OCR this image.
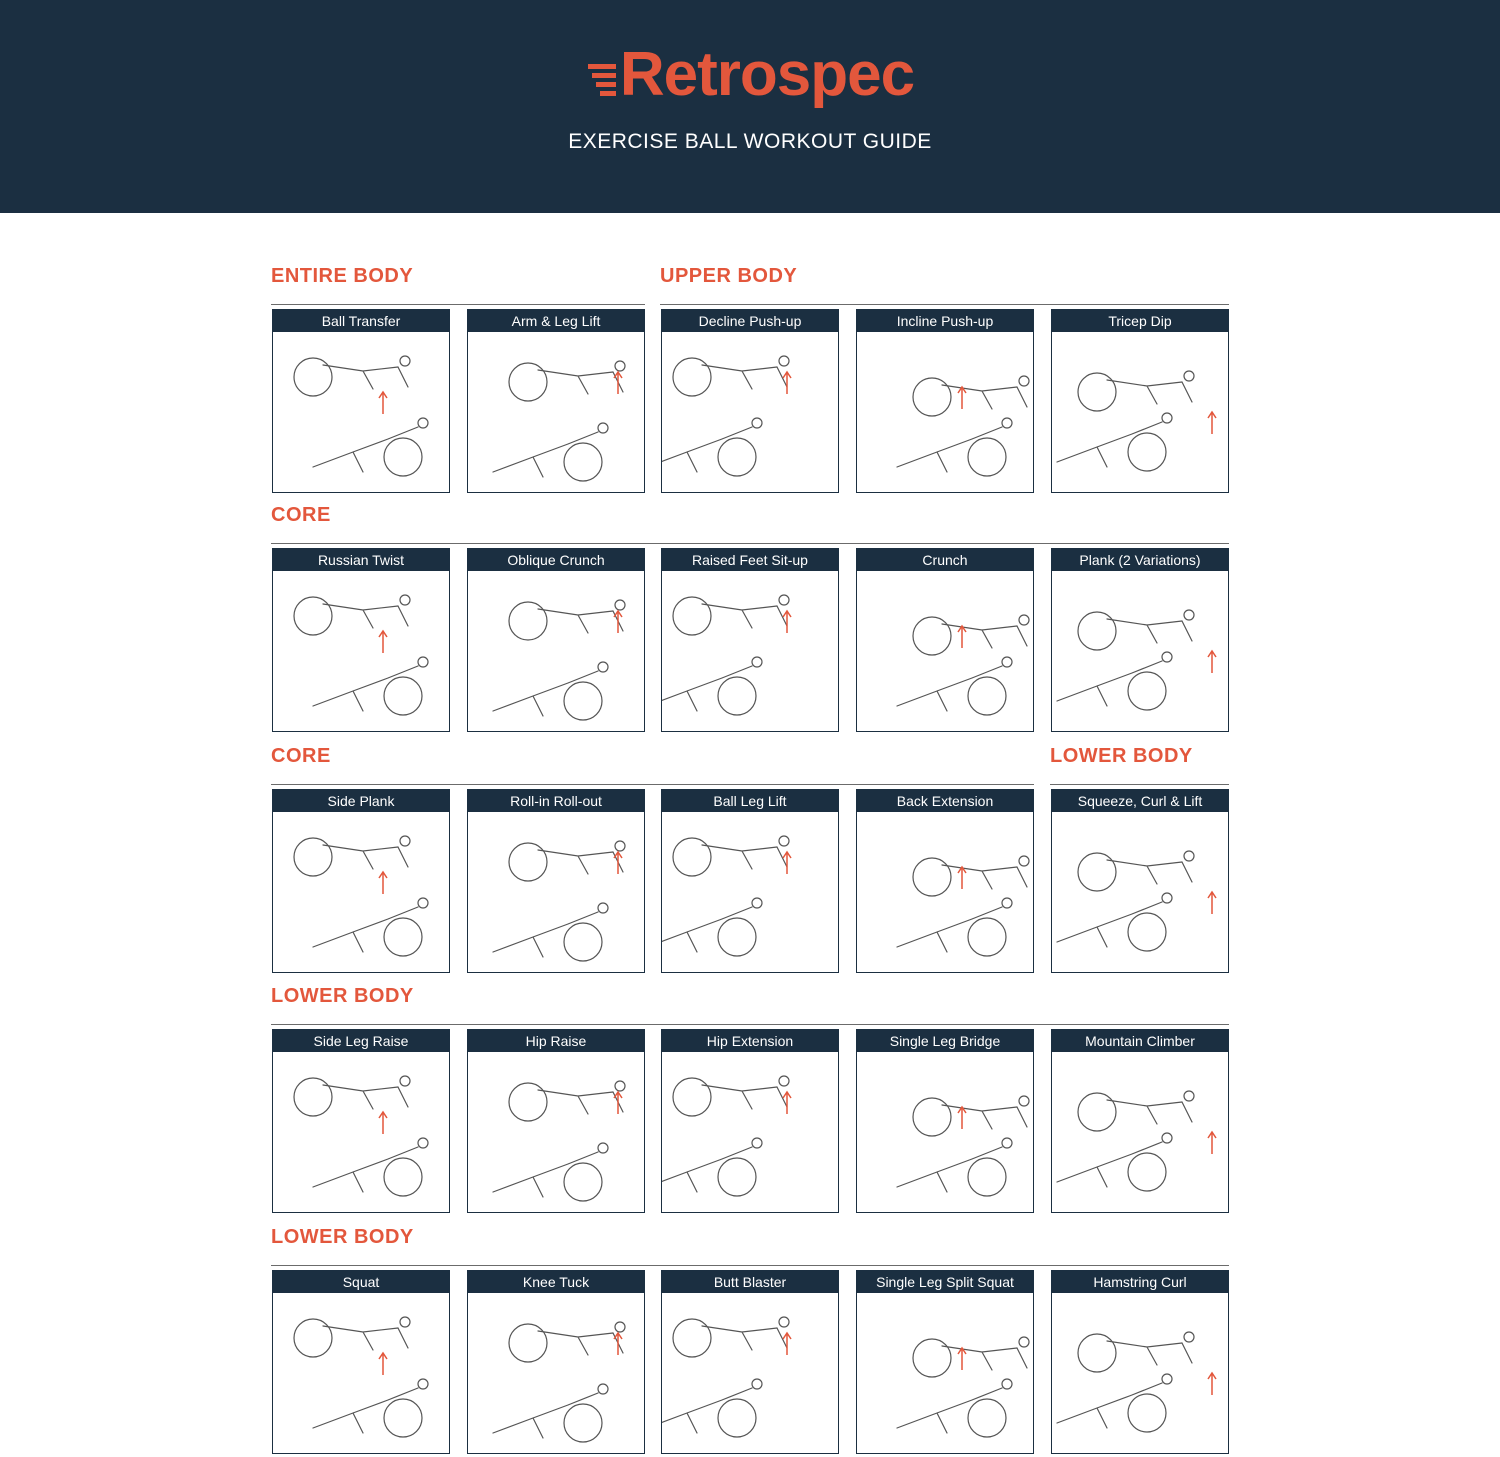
Retrospec
EXERCISE BALL WORKOUT GUIDE
ENTIRE BODY	UPPER BODY
CORE
CORE	LOWER BODY
LOWER BODY
LOWER BODY
Ball Transfer	Arm & Leg Lift	Decline Push-up	Incline Push-up	Tricep Dip
Russian Twist	Oblique Crunch	Raised Feet Sit-up	Crunch	Plank (2 Variations)
Side Plank	Roll-in Roll-out	Ball Leg Lift	Back Extension	Squeeze, Curl & Lift
Side Leg Raise	Hip Raise	Hip Extension	Single Leg Bridge	Mountain Climber
Squat	Knee Tuck	Butt Blaster	Single Leg Split Squat	Hamstring Curl
